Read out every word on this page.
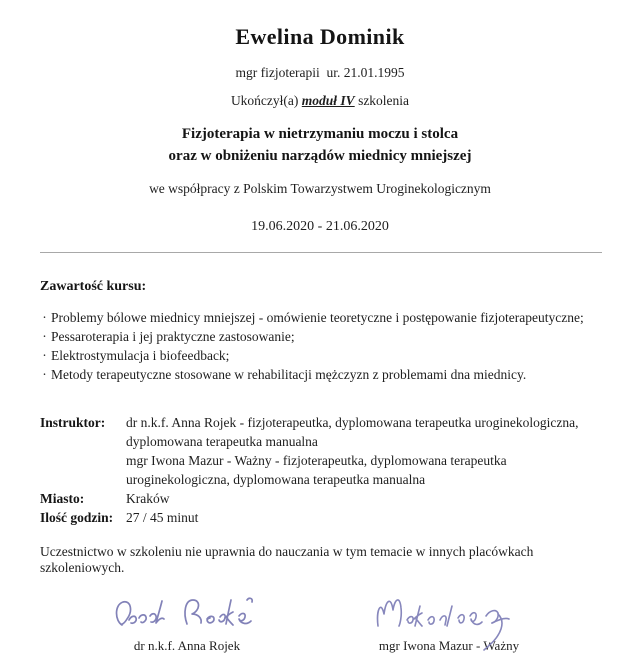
Ewelina Dominik
mgr fizjoterapii  ur. 21.01.1995
Ukończył(a) moduł IV szkolenia
Fizjoterapia w nietrzymaniu moczu i stolca
oraz w obniżeniu narządów miednicy mniejszej
we współpracy z Polskim Towarzystwem Uroginekologicznym
19.06.2020 - 21.06.2020
Zawartość kursu:
· Problemy bólowe miednicy mniejszej - omówienie teoretyczne i postępowanie fizjoterapeutyczne;
· Pessaroterapia i jej praktyczne zastosowanie;
· Elektrostymulacja i biofeedback;
· Metody terapeutyczne stosowane w rehabilitacji mężczyzn z problemami dna miednicy.
Instruktor:	dr n.k.f. Anna Rojek - fizjoterapeutka, dyplomowana terapeutka uroginekologiczna,
dyplomowana terapeutka manualna
mgr Iwona Mazur - Ważny - fizjoterapeutka, dyplomowana terapeutka
uroginekologiczna, dyplomowana terapeutka manualna
Miasto:	Kraków
Ilość godzin: 27 / 45 minut
Uczestnictwo w szkoleniu nie uprawnia do nauczania w tym temacie w innych placówkach szkoleniowych.
dr n.k.f. Anna Rojek	mgr Iwona Mazur - Ważny
